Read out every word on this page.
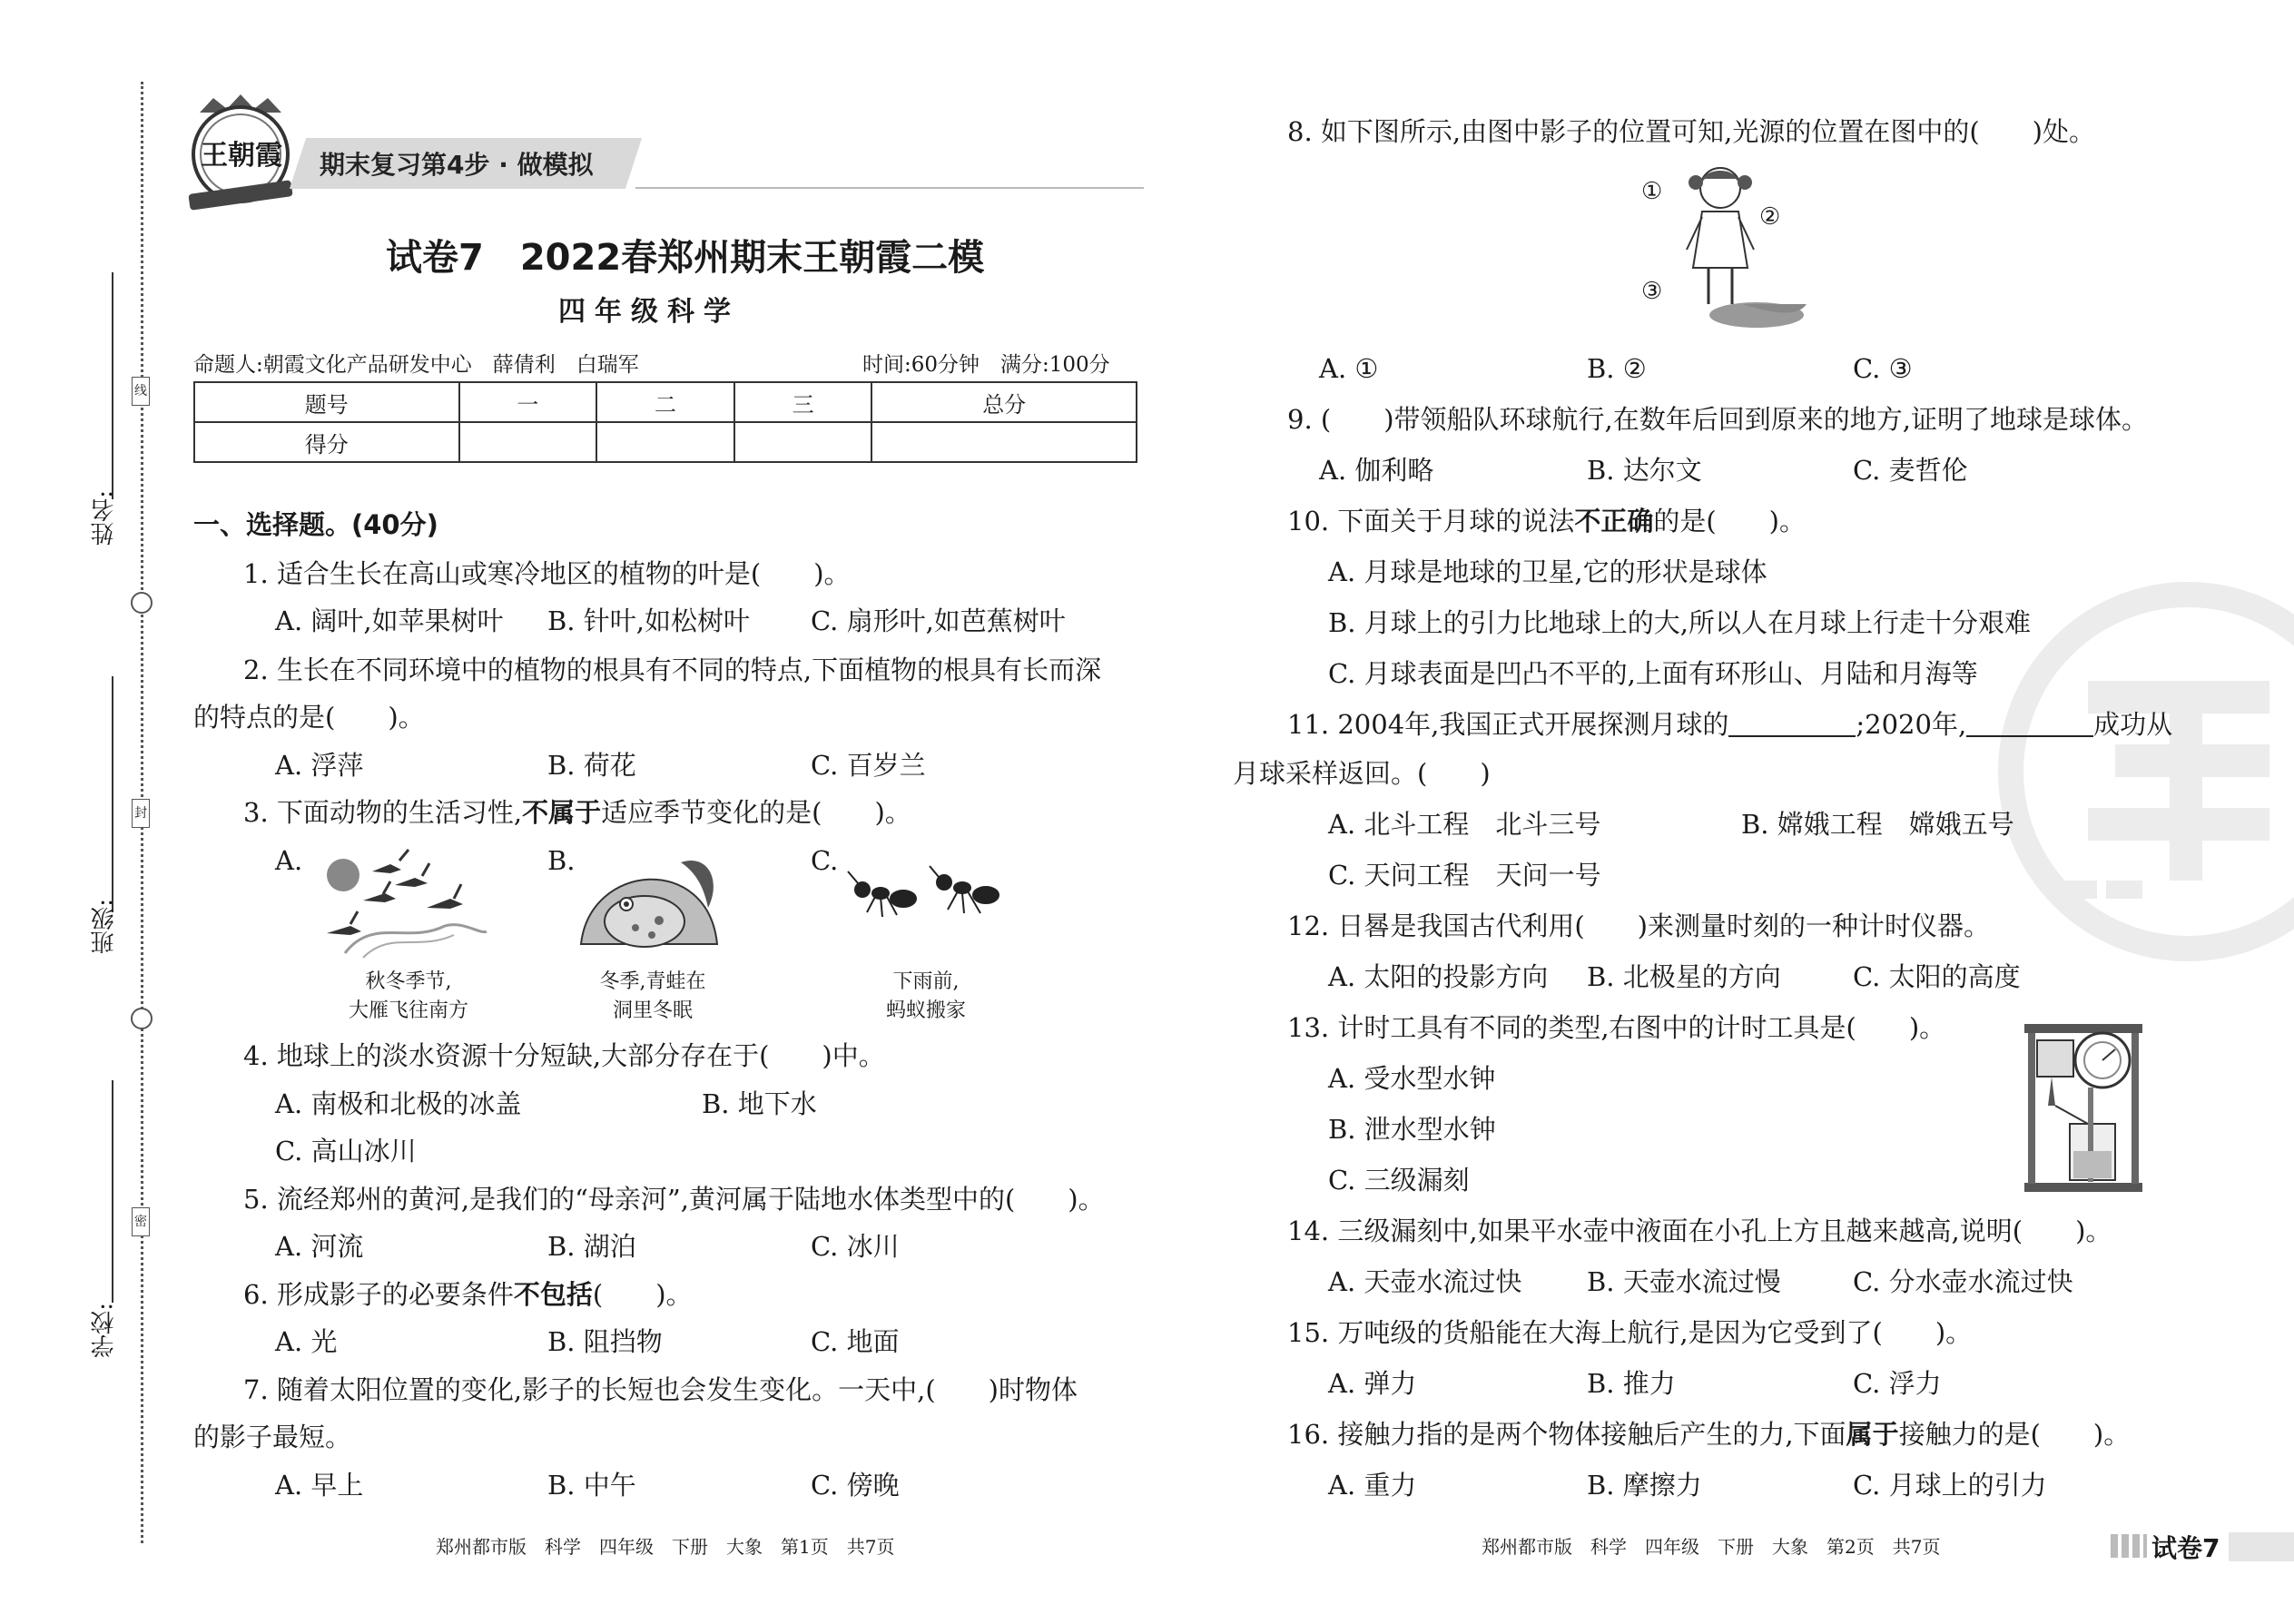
姓名:
班级:
学校:
线
封
密
王朝霞 期末复习第4步 · 做模拟
试卷7　2022春郑州期末王朝霞二模
四年级科学
命题人:朝霞文化产品研发中心　薛倩利　白瑞军	时间:60分钟　满分:100分
题号	一	二	三	总分
得分				
一、选择题。(40分)
1. 适合生长在高山或寒冷地区的植物的叶是(　　)。
A. 阔叶,如苹果树叶 B. 针叶,如松树叶 C. 扇形叶,如芭蕉树叶
2. 生长在不同环境中的植物的根具有不同的特点,下面植物的根具有长而深
的特点的是(　　)。
A. 浮萍	B. 荷花	C. 百岁兰
3. 下面动物的生活习性,不属于适应季节变化的是(　　)。
A.	B.	C.
秋冬季节,
大雁飞往南方
冬季,青蛙在
洞里冬眠
下雨前,
蚂蚁搬家
4. 地球上的淡水资源十分短缺,大部分存在于(　　)中。
A. 南极和北极的冰盖	B. 地下水
C. 高山冰川
5. 流经郑州的黄河,是我们的“母亲河”,黄河属于陆地水体类型中的(　　)。
A. 河流	B. 湖泊	C. 冰川
6. 形成影子的必要条件不包括(　　)。
A. 光	B. 阻挡物	C. 地面
7. 随着太阳位置的变化,影子的长短也会发生变化。一天中,(　　)时物体
的影子最短。
A. 早上	B. 中午	C. 傍晚
郑州都市版　科学　四年级　下册　大象　第1页　共7页
8. 如下图所示,由图中影子的位置可知,光源的位置在图中的(　　)处。
①
②
③
A. ①	B. ②	C. ③
9. (　　)带领船队环球航行,在数年后回到原来的地方,证明了地球是球体。
A. 伽利略	B. 达尔文	C. 麦哲伦
10. 下面关于月球的说法不正确的是(　　)。
A. 月球是地球的卫星,它的形状是球体
B. 月球上的引力比地球上的大,所以人在月球上行走十分艰难
C. 月球表面是凹凸不平的,上面有环形山、月陆和月海等
11. 2004年,我国正式开展探测月球的	;2020年,	成功从
月球采样返回。(　　)
A. 北斗工程　北斗三号	B. 嫦娥工程　嫦娥五号
C. 天问工程　天问一号
12. 日晷是我国古代利用(　　)来测量时刻的一种计时仪器。
A. 太阳的投影方向 B. 北极星的方向	C. 太阳的高度
13. 计时工具有不同的类型,右图中的计时工具是(　　)。
A. 受水型水钟
B. 泄水型水钟
C. 三级漏刻
14. 三级漏刻中,如果平水壶中液面在小孔上方且越来越高,说明(　　)。
A. 天壶水流过快 B. 天壶水流过慢	C. 分水壶水流过快
15. 万吨级的货船能在大海上航行,是因为它受到了(　　)。
A. 弹力	B. 推力	C. 浮力
16. 接触力指的是两个物体接触后产生的力,下面属于接触力的是(　　)。
A. 重力	B. 摩擦力	C. 月球上的引力
郑州都市版　科学　四年级　下册　大象　第2页　共7页	试卷7
